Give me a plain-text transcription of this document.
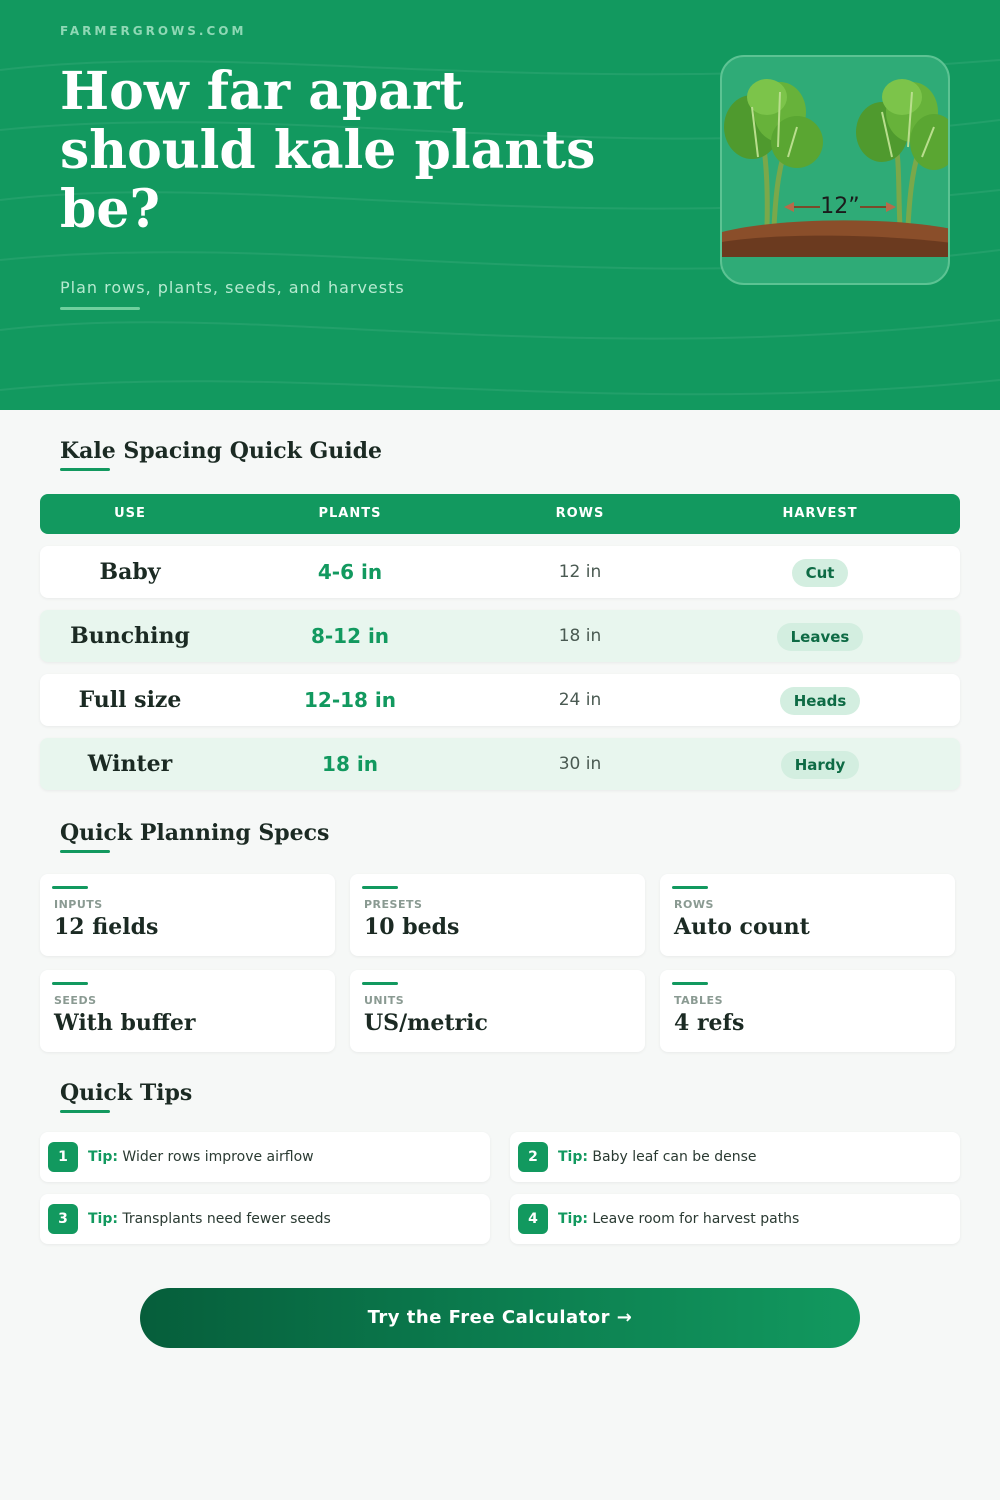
FARMERGROWS.COM
How far apart should kale plants be?
Plan rows, plants, seeds, and harvests
12”
Kale Spacing Quick Guide
USE	PLANTS	ROWS	HARVEST
Baby	4-6 in	12 in	Cut
Bunching	8-12 in	18 in	Leaves
Full size	12-18 in	24 in	Heads
Winter	18 in	30 in	Hardy
Quick Planning Specs
INPUTS
12 fields
PRESETS
10 beds
ROWS
Auto count
SEEDS
With buffer
UNITS
US/metric
TABLES
4 refs
Quick Tips
1	Tip: Wider rows improve airflow	2	Tip: Baby leaf can be dense
3	Tip: Transplants need fewer seeds	4	Tip: Leave room for harvest paths
Try the Free Calculator →
